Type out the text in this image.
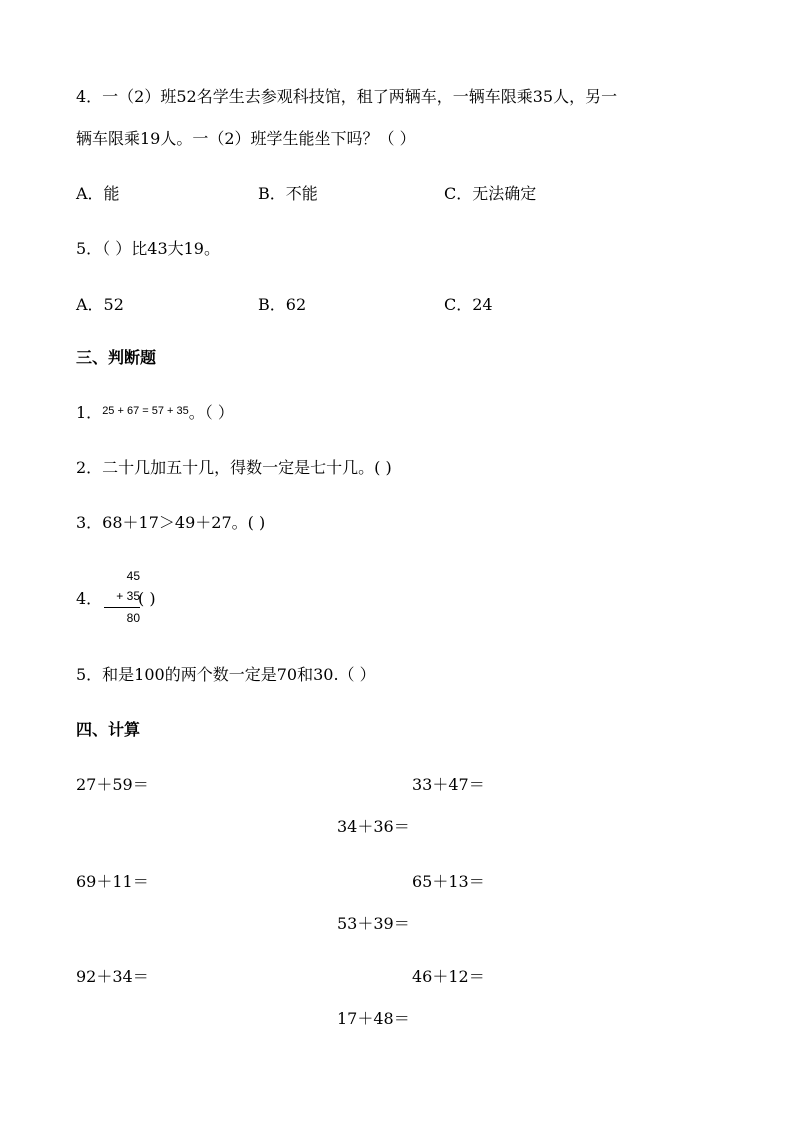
4．一（2）班52名学生去参观科技馆，租了两辆车，一辆车限乘35人，另一
辆车限乘19人。一（2）班学生能坐下吗？（ ）
A．能	B．不能	C．无法确定
5．（ ）比43大19。
A．52	B．62	C．24
三、判断题
1．$^{25 + 67 = 57 + 35}$。（ ）
2．二十几加五十几，得数一定是七十几。( )
3．68＋17＞49＋27。( )
4．
45
+ 35
80
( )
5．和是100的两个数一定是70和30.（ ）
四、计算
27＋59＝	33＋47＝
34＋36＝
69＋11＝	65＋13＝
53＋39＝
92＋34＝	46＋12＝
17＋48＝
